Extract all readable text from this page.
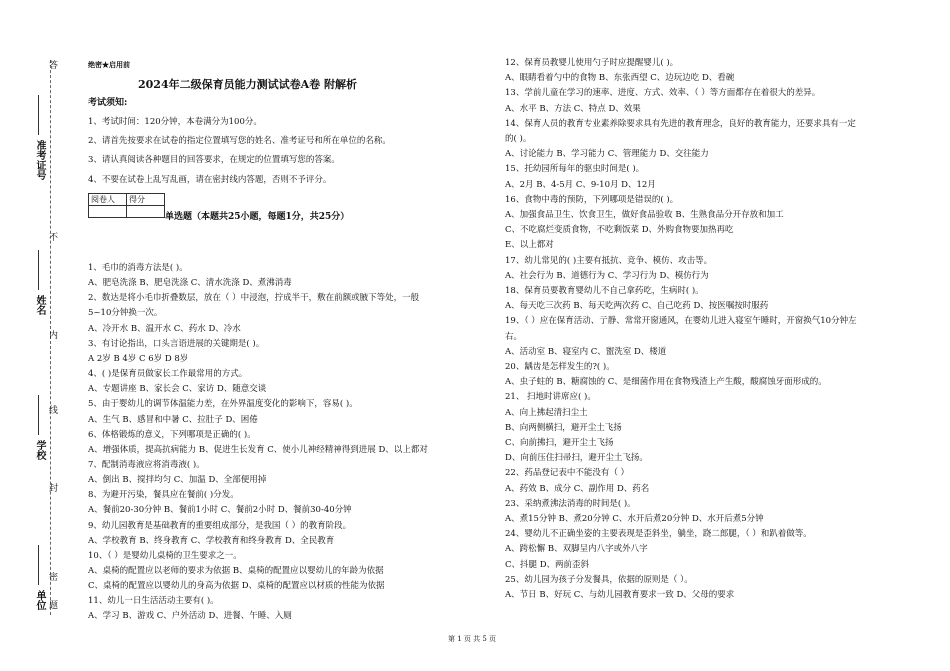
答
不
内
线
封
密
题
准考证号
姓名
学校
单位
绝密★启用前
2024年二级保育员能力测试试卷A卷 附解析
考试须知:
1、考试时间：120分钟，本卷满分为100分。
2、请首先按要求在试卷的指定位置填写您的姓名、准考证号和所在单位的名称。
3、请认真阅读各种题目的回答要求，在规定的位置填写您的答案。
4、不要在试卷上乱写乱画，请在密封线内答题，否则不予评分。
阅卷人	得分

单选题（本题共25小题，每题1分，共25分）
1、毛巾的消毒方法是( )。
A、肥皂洗涤 B、肥皂洗涤 C、清水洗涤 D、煮沸消毒
2、数达是将小毛巾折叠数层，放在（ ）中浸泡，拧成半干，敷在前额或腋下等处，一般
5~10分钟换一次。
A、冷开水 B、温开水 C、药水 D、冷水
3、有讨论指出，口头言语进展的关键期是( )。
A 2岁 B 4岁 C 6岁 D 8岁
4、( )是保育员做家长工作最常用的方式。
A、专题讲座 B、家长会 C、家访 D、随意交谈
5、由于婴幼儿的调节体温能力差，在外界温度变化的影响下，容易( )。
A、生气 B、感冒和中暑 C、拉肚子 D、困倦
6、体格锻炼的意义，下列哪项是正确的( )。
A、增强体质，提高抗病能力 B、促进生长发育 C、使小儿神经精神得到进展 D、以上都对
7、配制消毒液应将消毒液( )。
A、倒出 B、搅拌均匀 C、加温 D、全部便用掉
8、为避开污染，餐具应在餐前( )分发。
A、餐前20-30分钟 B、餐前1小时 C、餐前2小时 D、餐前30-40分钟
9、幼儿园教育是基础教育的重要组成部分，是我国（ ）的教育阶段。
A、学校教育 B、终身教育 C、学校教育和终身教育 D、全民教育
10、（ ）是婴幼儿桌椅的卫生要求之一。
A、桌椅的配置应以老师的要求为依据 B、桌椅的配置应以婴幼儿的年龄为依据
C、桌椅的配置应以婴幼儿的身高为依据 D、桌椅的配置应以材质的性能为依据
11、幼儿一日生活活动主要有( )。
A、学习 B、游戏 C、户外活动 D、进餐、午睡、入厕
12、保育员教婴儿使用勺子时应提醒婴儿( )。
A、眼睛看着勺中的食物 B、东张西望 C、边玩边吃 D、看碗
13、学前儿童在学习的速率、进度、方式、效率、（ ）等方面都存在着很大的差异。
A、水平 B、方法 C、特点 D、效果
14、保育人员的教育专业素养除要求具有先进的教育理念，良好的教育能力，还要求具有一定
的( )。
A、讨论能力 B、学习能力 C、管理能力 D、交往能力
15、托幼园所每年的驱虫时间是( )。
A、2月 B、4-5月 C、9-10月 D、12月
16、食物中毒的预防，下列哪项是错误的( )。
A、加强食品卫生、饮食卫生，做好食品验收 B、生熟食品分开存放和加工
C、不吃腐烂变质食物，不吃剩饭菜 D、外购食物要加热再吃
E、以上都对
17、幼儿常见的( )主要有抵抗、竞争、模仿、攻击等。
A、社会行为 B、道德行为 C、学习行为 D、模仿行为
18、保育员要教育婴幼儿不自己拿药吃，生病时( )。
A、每天吃三次药 B、每天吃两次药 C、自己吃药 D、按医嘱按时服药
19、（ ）应在保育活动、亍静、常常开窗通风，在婴幼儿进入寝室午睡时，开窗换气10分钟左
右。
A、活动室 B、寝室内 C、盥洗室 D、楼道
20、龋齿是怎样发生的?( )。
A、虫子蛀的 B、糖腐蚀的 C、是细菌作用在食物残渣上产生酸，酸腐蚀牙面形成的。
21、 扫地时讲席应( )。
A、向上拂起清扫尘土
B、向两侧横扫，避开尘土飞扬
C、向前拂扫，避开尘土飞扬
D、向前压住扫帚扫，避开尘土飞扬。
22、药品登记表中不能没有（ ）
A、药效 B、成分 C、副作用 D、药名
23、采纳煮沸法消毒的时间是( )。
A、煮15分钟 B、煮20分钟 C、水开后煮20分钟 D、水开后煮5分钟
24、婴幼儿不正确坐姿的主要表现是歪斜坐，躺坐，跷二郎腿，（ ）和趴着做等。
A、跨松懈 B、双脚呈内八字或外八字
C、抖腿 D、两前歪斜
25、幼儿园为孩子分发餐具，依据的原则是（ ）。
A、节日 B、好玩 C、与幼儿园教育要求一致 D、父母的要求
第 1 页 共 5 页
